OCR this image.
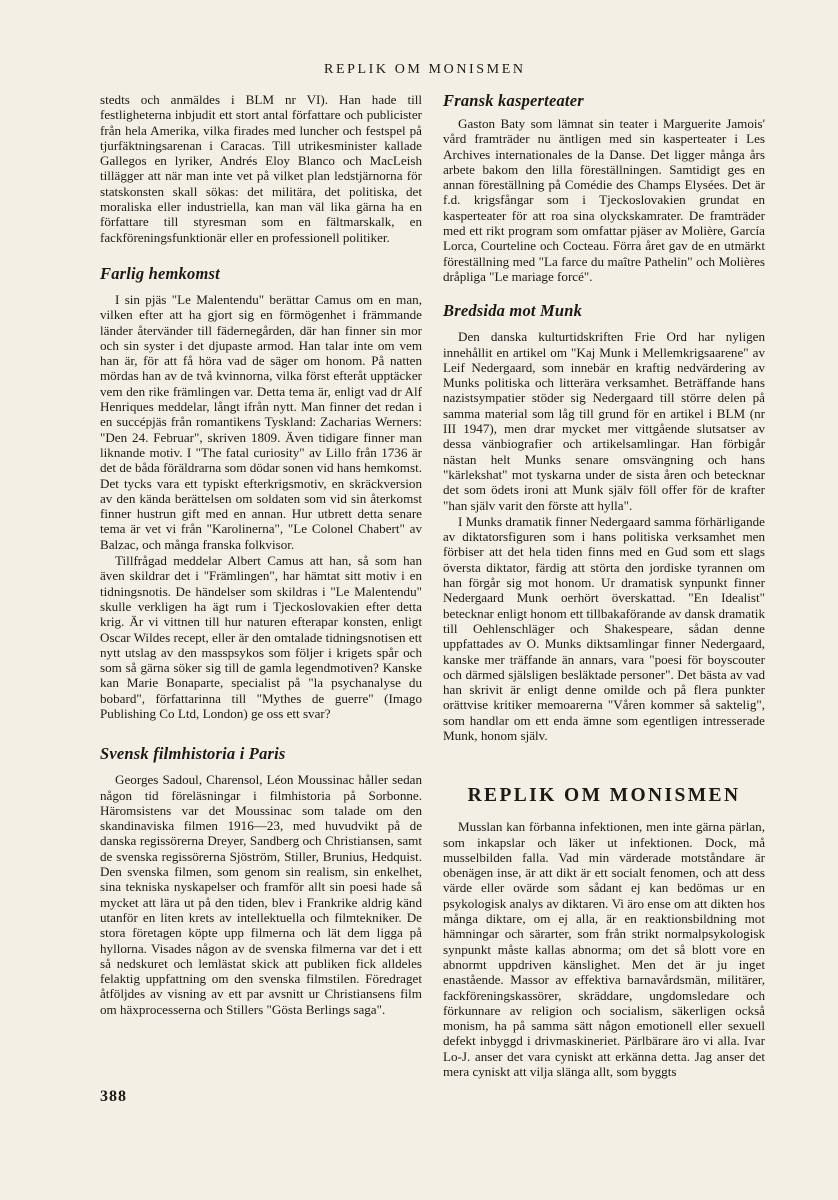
REPLIK OM MONISMEN

stedts och anmäldes i BLM nr VI). Han hade till festligheterna inbjudit ett stort antal författare och publicister från hela Amerika, vilka firades med luncher och festspel på tjurfäktningsarenan i Caracas. Till utrikesminister kallade Gallegos en lyriker, Andrés Eloy Blanco och MacLeish tillägger att när man inte vet på vilket plan ledstjärnorna för statskonsten skall sökas: det militära, det politiska, det moraliska eller industriella, kan man väl lika gärna ha en författare till styresman som en fältmarskalk, en fackföreningsfunktionär eller en professionell politiker.

Farlig hemkomst

I sin pjäs "Le Malentendu" berättar Camus om en man, vilken efter att ha gjort sig en förmögenhet i främmande länder återvänder till fädernegården, där han finner sin mor och sin syster i det djupaste armod. Han talar inte om vem han är, för att få höra vad de säger om honom. På natten mördas han av de två kvinnorna, vilka först efteråt upptäcker vem den rike främlingen var. Detta tema är, enligt vad dr Alf Henriques meddelar, långt ifrån nytt. Man finner det redan i en succépjäs från romantikens Tyskland: Zacharias Werners: "Den 24. Februar", skriven 1809. Även tidigare finner man liknande motiv. I "The fatal curiosity" av Lillo från 1736 är det de båda föräldrarna som dödar sonen vid hans hemkomst. Det tycks vara ett typiskt efterkrigsmotiv, en skräckversion av den kända berättelsen om soldaten som vid sin återkomst finner hustrun gift med en annan. Hur utbrett detta senare tema är vet vi från "Karolinerna", "Le Colonel Chabert" av Balzac, och många franska folkvisor.

Tillfrågad meddelar Albert Camus att han, så som han även skildrar det i "Främlingen", har hämtat sitt motiv i en tidningsnotis. De händelser som skildras i "Le Malentendu" skulle verkligen ha ägt rum i Tjeckoslovakien efter detta krig. Är vi vittnen till hur naturen efterapar konsten, enligt Oscar Wildes recept, eller är den omtalade tidningsnotisen ett nytt utslag av den masspsykos som följer i krigets spår och som så gärna söker sig till de gamla legendmotiven? Kanske kan Marie Bonaparte, specialist på "la psychanalyse du bobard", författarinna till "Mythes de guerre" (Imago Publishing Co Ltd, London) ge oss ett svar?

Svensk filmhistoria i Paris

Georges Sadoul, Charensol, Léon Moussinac håller sedan någon tid föreläsningar i filmhistoria på Sorbonne. Häromsistens var det Moussinac som talade om den skandinaviska filmen 1916—23, med huvudvikt på de danska regissörerna Dreyer, Sandberg och Christiansen, samt de svenska regissörerna Sjöström, Stiller, Brunius, Hedquist. Den svenska filmen, som genom sin realism, sin enkelhet, sina tekniska nyskapelser och framför allt sin poesi hade så mycket att lära ut på den tiden, blev i Frankrike aldrig känd utanför en liten krets av intellektuella och filmtekniker. De stora företagen köpte upp filmerna och lät dem ligga på hyllorna. Visades någon av de svenska filmerna var det i ett så nedskuret och lemlästat skick att publiken fick alldeles felaktig uppfattning om den svenska filmstilen. Föredraget åtföljdes av visning av ett par avsnitt ur Christiansens film om häxprocesserna och Stillers "Gösta Berlings saga".

Fransk kasperteater

Gaston Baty som lämnat sin teater i Marguerite Jamois' vård framträder nu äntligen med sin kasperteater i Les Archives internationales de la Danse. Det ligger många års arbete bakom den lilla föreställningen. Samtidigt ges en annan föreställning på Comédie des Champs Elysées. Det är f.d. krigsfångar som i Tjeckoslovakien grundat en kasperteater för att roa sina olyckskamrater. De framträder med ett rikt program som omfattar pjäser av Molière, García Lorca, Courteline och Cocteau. Förra året gav de en utmärkt föreställning med "La farce du maître Pathelin" och Molières dråpliga "Le mariage forcé".

Bredsida mot Munk

Den danska kulturtidskriften Frie Ord har nyligen innehållit en artikel om "Kaj Munk i Mellemkrigsaarene" av Leif Nedergaard, som innebär en kraftig nedvärdering av Munks politiska och litterära verksamhet. Beträffande hans nazistsympatier stöder sig Nedergaard till större delen på samma material som låg till grund för en artikel i BLM (nr III 1947), men drar mycket mer vittgående slutsatser av dessa vänbiografier och artikelsamlingar. Han förbigår nästan helt Munks senare omsvängning och hans "kärlekshat" mot tyskarna under de sista åren och betecknar det som ödets ironi att Munk själv föll offer för de krafter "han själv varit den förste att hylla".

I Munks dramatik finner Nedergaard samma förhärligande av diktatorsfiguren som i hans politiska verksamhet men förbiser att det hela tiden finns med en Gud som ett slags översta diktator, färdig att störta den jordiske tyrannen om han förgår sig mot honom. Ur dramatisk synpunkt finner Nedergaard Munk oerhört överskattad. "En Idealist" betecknar enligt honom ett tillbakaförande av dansk dramatik till Oehlenschläger och Shakespeare, sådan denne uppfattades av O. Munks diktsamlingar finner Nedergaard, kanske mer träffande än annars, vara "poesi för boyscouter och därmed själsligen besläktade personer". Det bästa av vad han skrivit är enligt denne omilde och på flera punkter orättvise kritiker memoarerna "Våren kommer så saktelig", som handlar om ett enda ämne som egentligen intresserade Munk, honom själv.

REPLIK OM MONISMEN

Musslan kan förbanna infektionen, men inte gärna pärlan, som inkapslar och läker ut infektionen. Dock, må musselbilden falla. Vad min värderade motståndare är obenägen inse, är att dikt är ett socialt fenomen, och att dess värde eller ovärde som sådant ej kan bedömas ur en psykologisk analys av diktaren. Vi äro ense om att dikten hos många diktare, om ej alla, är en reaktionsbildning mot hämningar och särarter, som från strikt normalpsykologisk synpunkt måste kallas abnorma; om det så blott vore en abnormt uppdriven känslighet. Men det är ju inget enastående. Massor av effektiva barnavårdsmän, militärer, fackföreningskassörer, skräddare, ungdomsledare och förkunnare av religion och socialism, säkerligen också monism, ha på samma sätt någon emotionell eller sexuell defekt inbyggd i drivmaskineriet. Pärlbärare äro vi alla. Ivar Lo-J. anser det vara cyniskt att erkänna detta. Jag anser det mera cyniskt att vilja slänga allt, som byggts

388
